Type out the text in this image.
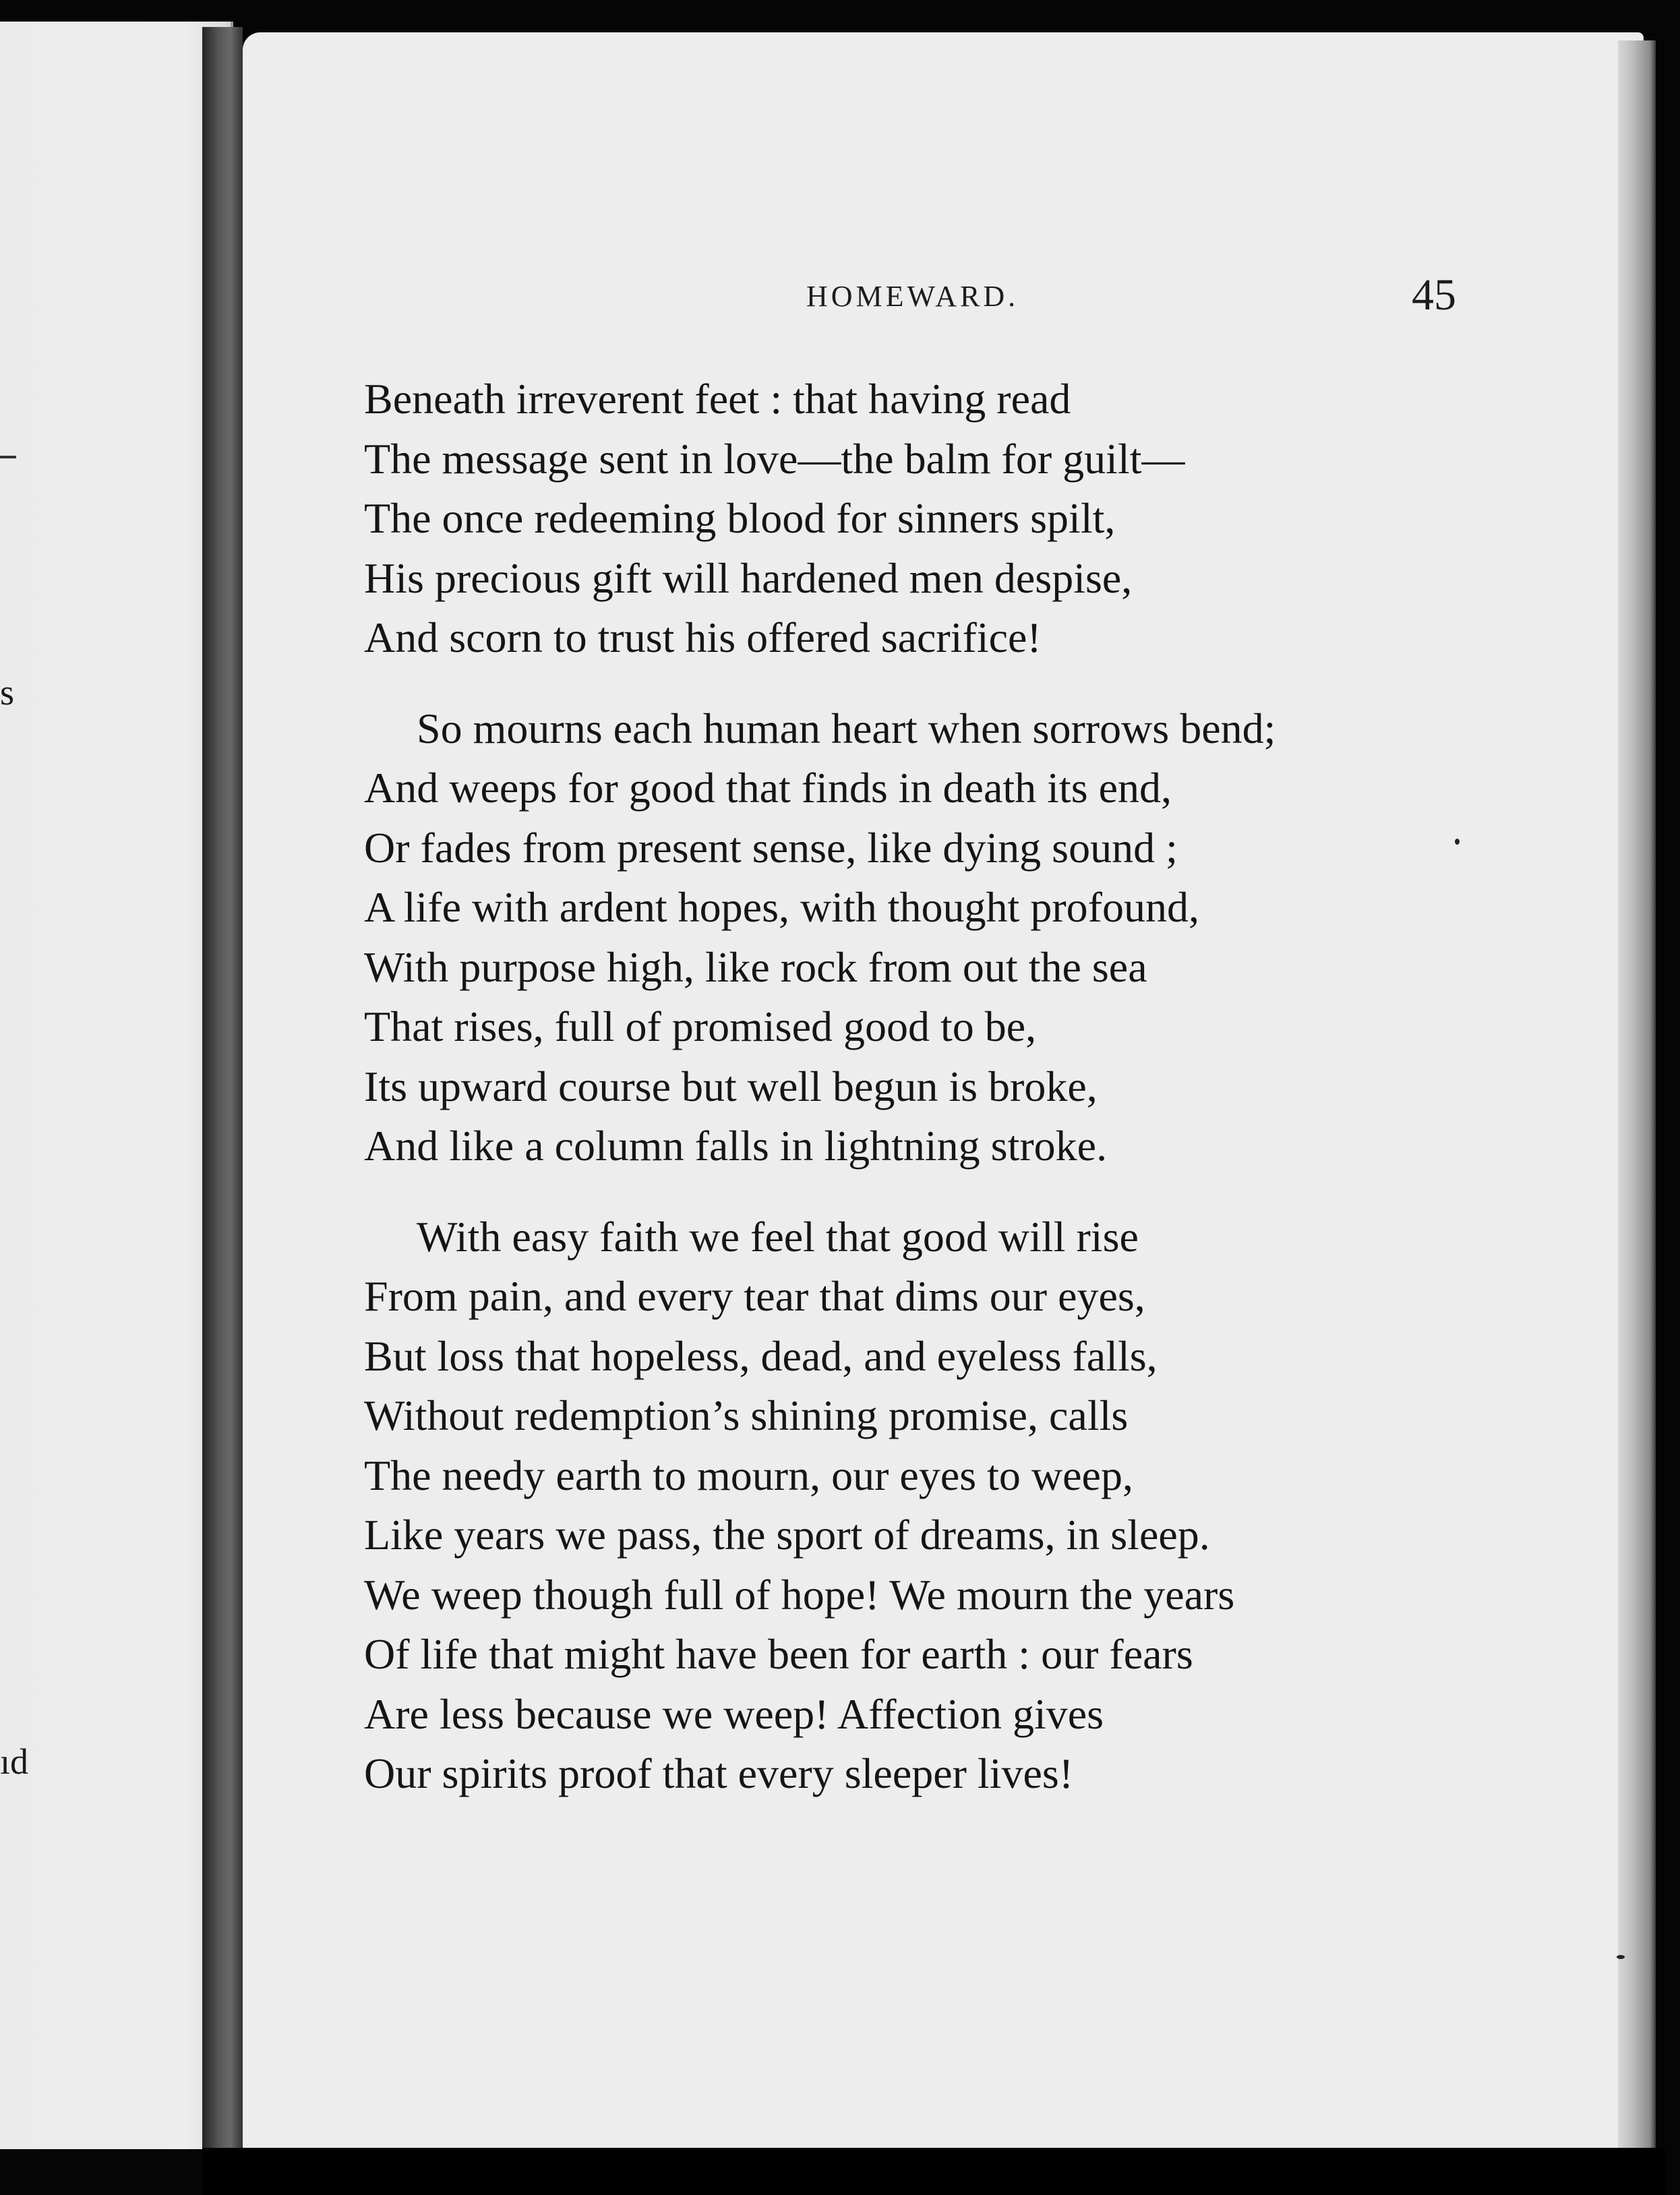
s
ıd
HOMEWARD.	45
Beneath irreverent feet : that having read
The message sent in love—the balm for guilt—
The once redeeming blood for sinners spilt,
His precious gift will hardened men despise,
And scorn to trust his offered sacrifice!
So mourns each human heart when sorrows bend;
And weeps for good that finds in death its end,
Or fades from present sense, like dying sound ;
A life with ardent hopes, with thought profound,
With purpose high, like rock from out the sea
That rises, full of promised good to be,
Its upward course but well begun is broke,
And like a column falls in lightning stroke.
With easy faith we feel that good will rise
From pain, and every tear that dims our eyes,
But loss that hopeless, dead, and eyeless falls,
Without redemption’s shining promise, calls
The needy earth to mourn, our eyes to weep,
Like years we pass, the sport of dreams, in sleep.
We weep though full of hope! We mourn the years
Of life that might have been for earth : our fears
Are less because we weep! Affection gives
Our spirits proof that every sleeper lives!
